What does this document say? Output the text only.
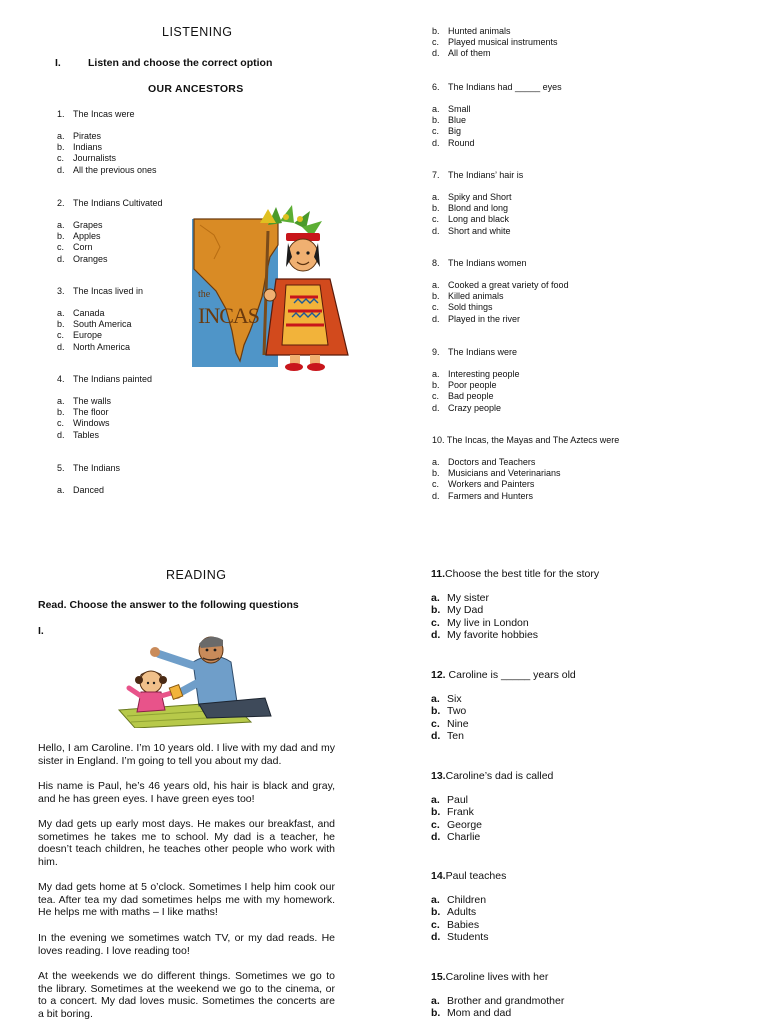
LISTENING
I.	Listen and choose the correct option
OUR ANCESTORS
1. The Incas were
a. Pirates
b. Indians
c. Journalists
d. All the previous ones
2. The Indians Cultivated
a. Grapes
b. Apples
c. Corn
d. Oranges
3. The Incas lived in
a. Canada
b. South America
c. Europe
d. North America
4. The Indians painted
a. The walls
b. The floor
c. Windows
d. Tables
5. The Indians
a. Danced
b. Hunted animals
c. Played musical instruments
d. All of them
6. The Indians had _____ eyes
a. Small
b. Blue
c. Big
d. Round
7. The Indians’ hair is
a. Spiky and Short
b. Blond and long
c. Long and black
d. Short and white
8. The Indians women
a. Cooked a great variety of food
b. Killed animals
c. Sold things
d. Played in the river
9. The Indians were
a. Interesting people
b. Poor people
c. Bad people
d. Crazy people
10. The Incas, the Mayas and The Aztecs were
a. Doctors and Teachers
b. Musicians and Veterinarians
c. Workers and Painters
d. Farmers and Hunters
the
INCAS
READING
Read. Choose the answer to the following questions
I.

Hello, I am Caroline. I’m 10 years old. I live with my dad and my sister in England. I’m going to tell you about my dad.

His name is Paul, he’s 46 years old, his hair is black and gray, and he has green eyes. I have green eyes too!

My dad gets up early most days. He makes our breakfast, and sometimes he takes me to school. My dad is a teacher, he doesn’t teach children, he teaches other people who work with him.

My dad gets home at 5 o’clock. Sometimes I help him cook our tea. After tea my dad sometimes helps me with my homework. He helps me with maths – I like maths!

In the evening we sometimes watch TV, or my dad reads. He loves reading. I love reading too!

At the weekends we do different things. Sometimes we go to the library. Sometimes at the weekend we go to the cinema, or to a concert. My dad loves music. Sometimes the concerts are a bit boring.

11.Choose the best title for the story
a. My sister
b. My Dad
c. My live in London
d. My favorite hobbies
12. Caroline is _____ years old
a. Six
b. Two
c. Nine
d. Ten
13.Caroline’s dad is called
a. Paul
b. Frank
c. George
d. Charlie
14.Paul teaches
a. Children
b. Adults
c. Babies
d. Students
15.Caroline lives with her
a. Brother and grandmother
b. Mom and dad
